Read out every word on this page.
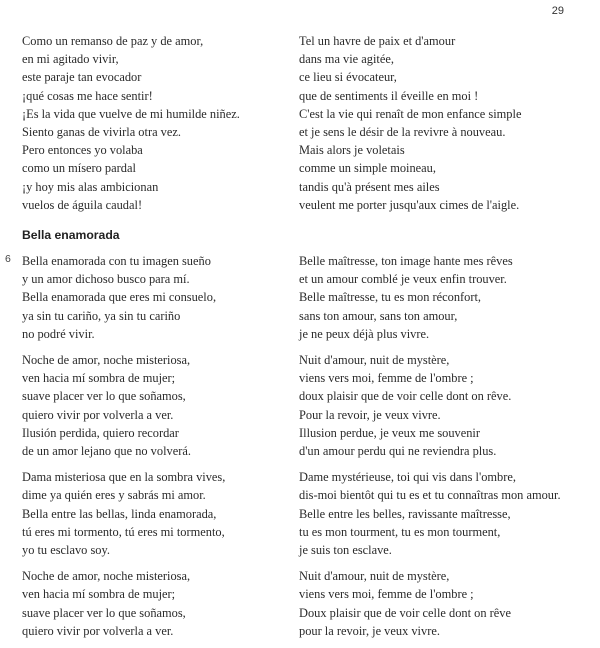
29
Como un remanso de paz y de amor,
en mi agitado vivir,
este paraje tan evocador
¡qué cosas me hace sentir!
¡Es la vida que vuelve de mi humilde niñez.
Siento ganas de vivirla otra vez.
Pero entonces yo volaba
como un mísero pardal
¡y hoy mis alas ambicionan
vuelos de águila caudal!
Bella enamorada
6 Bella enamorada con tu imagen sueño
y un amor dichoso busco para mí.
Bella enamorada que eres mi consuelo,
ya sin tu cariño, ya sin tu cariño
no podré vivir.
Noche de amor, noche misteriosa,
ven hacia mí sombra de mujer;
suave placer ver lo que soñamos,
quiero vivir por volverla a ver.
Ilusión perdida, quiero recordar
de un amor lejano que no volverá.
Dama misteriosa que en la sombra vives,
dime ya quién eres y sabrás mi amor.
Bella entre las bellas, linda enamorada,
tú eres mi tormento, tú eres mi tormento,
yo tu esclavo soy.
Noche de amor, noche misteriosa,
ven hacia mí sombra de mujer;
suave placer ver lo que soñamos,
quiero vivir por volverla a ver.
Tel un havre de paix et d'amour
dans ma vie agitée,
ce lieu si évocateur,
que de sentiments il éveille en moi !
C'est la vie qui renaît de mon enfance simple
et je sens le désir de la revivre à nouveau.
Mais alors je voletais
comme un simple moineau,
tandis qu'à présent mes ailes
veulent me porter jusqu'aux cimes de l'aigle.
Belle maîtresse, ton image hante mes rêves
et un amour comblé je veux enfin trouver.
Belle maîtresse, tu es mon réconfort,
sans ton amour, sans ton amour,
je ne peux déjà plus vivre.
Nuit d'amour, nuit de mystère,
viens vers moi, femme de l'ombre ;
doux plaisir que de voir celle dont on rêve.
Pour la revoir, je veux vivre.
Illusion perdue, je veux me souvenir
d'un amour perdu qui ne reviendra plus.
Dame mystérieuse, toi qui vis dans l'ombre,
dis-moi bientôt qui tu es et tu connaîtras mon amour.
Belle entre les belles, ravissante maîtresse,
tu es mon tourment, tu es mon tourment,
je suis ton esclave.
Nuit d'amour, nuit de mystère,
viens vers moi, femme de l'ombre ;
Doux plaisir que de voir celle dont on rêve
pour la revoir, je veux vivre.
